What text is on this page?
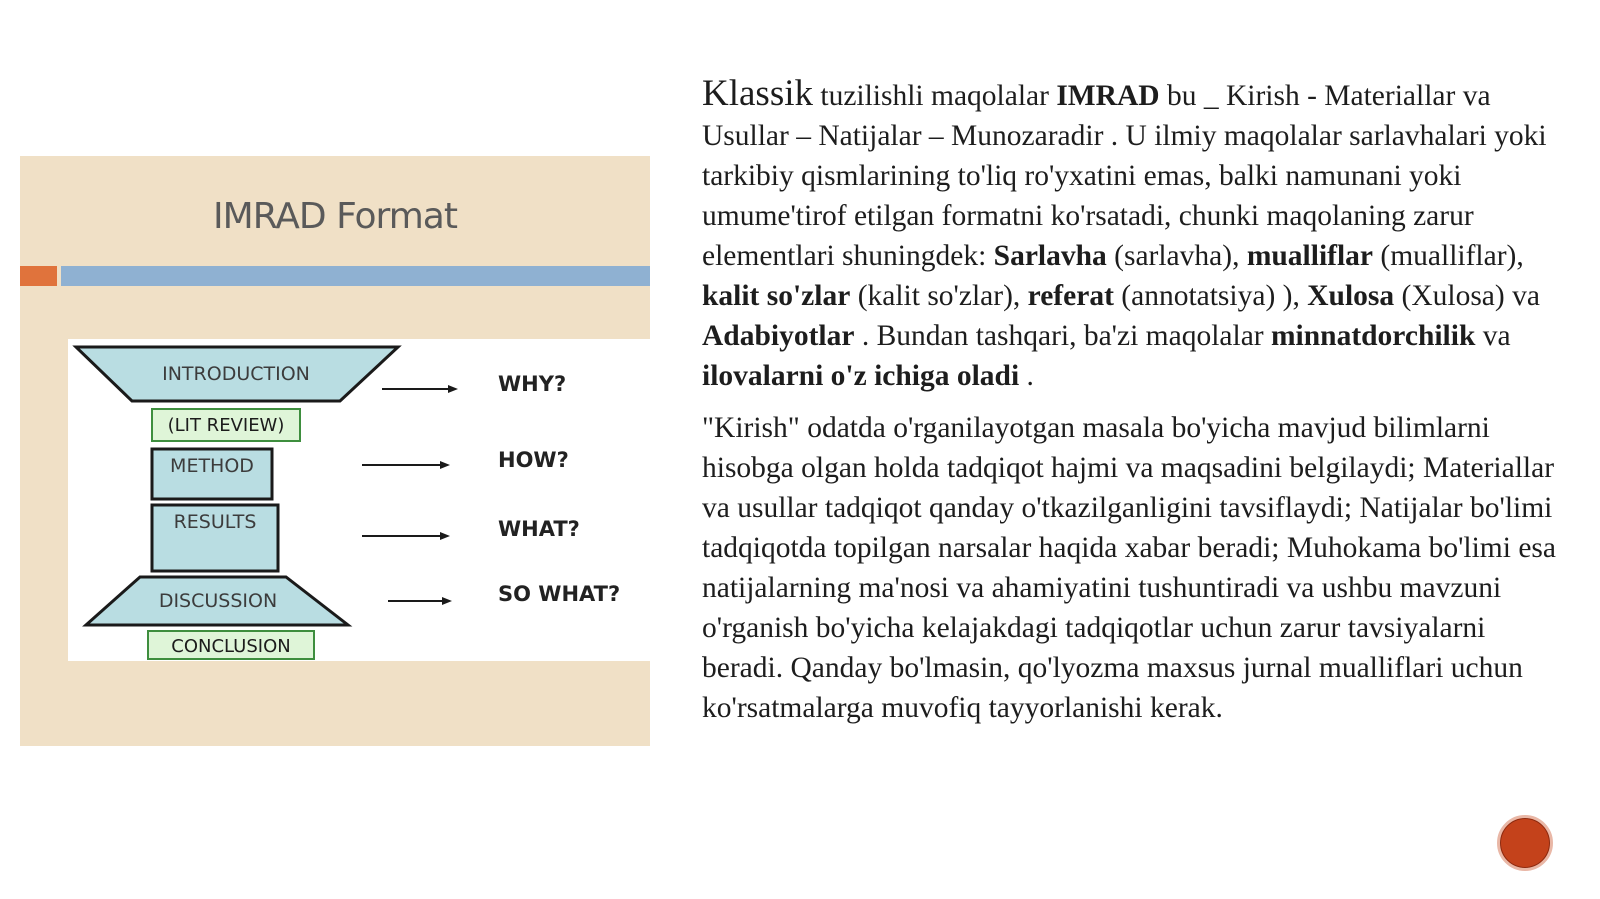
IMRAD Format
INTRODUCTION
(LIT REVIEW)
METHOD
RESULTS
DISCUSSION
CONCLUSION
WHY?
HOW?
WHAT?
SO WHAT?

Klassik tuzilishli maqolalar IMRAD bu _ Kirish - Materiallar va Usullar – Natijalar – Munozaradir . U ilmiy maqolalar sarlavhalari yoki tarkibiy qismlarining to'liq ro'yxatini emas, balki namunani yoki umume'tirof etilgan formatni ko'rsatadi, chunki maqolaning zarur elementlari shuningdek: Sarlavha (sarlavha), mualliflar (mualliflar), kalit so'zlar (kalit so'zlar), referat (annotatsiya) ), Xulosa (Xulosa) va Adabiyotlar . Bundan tashqari, ba'zi maqolalar minnatdorchilik va ilovalarni o'z ichiga oladi .

"Kirish" odatda o'rganilayotgan masala bo'yicha mavjud bilimlarni hisobga olgan holda tadqiqot hajmi va maqsadini belgilaydi; Materiallar va usullar tadqiqot qanday o'tkazilganligini tavsiflaydi; Natijalar bo'limi tadqiqotda topilgan narsalar haqida xabar beradi; Muhokama bo'limi esa natijalarning ma'nosi va ahamiyatini tushuntiradi va ushbu mavzuni o'rganish bo'yicha kelajakdagi tadqiqotlar uchun zarur tavsiyalarni beradi. Qanday bo'lmasin, qo'lyozma maxsus jurnal mualliflari uchun ko'rsatmalarga muvofiq tayyorlanishi kerak.
